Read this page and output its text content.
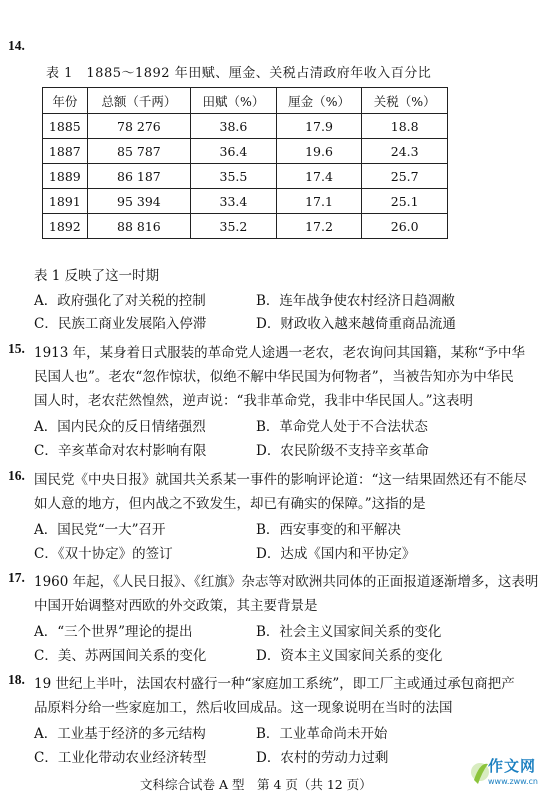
14.
表 1　1885～1892 年田赋、厘金、关税占清政府年收入百分比
年份	总额（千两）	田赋（%）	厘金（%）	关税（%）
1885	78 276	38.6	17.9	18.8
1887	85 787	36.4	19.6	24.3
1889	86 187	35.5	17.4	25.7
1891	95 394	33.4	17.1	25.1
1892	88 816	35.2	17.2	26.0
表 1 反映了这一时期
A．政府强化了对关税的控制	B．连年战争使农村经济日趋凋敝
C．民族工商业发展陷入停滞	D．财政收入越来越倚重商品流通
15. 1913 年，某身着日式服装的革命党人途遇一老农，老农询问其国籍，某称“予中华
民国人也”。老农“忽作惊状，似绝不解中华民国为何物者”，当被告知亦为中华民
国人时，老农茫然惶然，逆声说：“我非革命党，我非中华民国人。”这表明
A．国内民众的反日情绪强烈	B．革命党人处于不合法状态
C．辛亥革命对农村影响有限	D．农民阶级不支持辛亥革命
16. 国民党《中央日报》就国共关系某一事件的影响评论道：“这一结果固然还有不能尽
如人意的地方，但内战之不致发生，却已有确实的保障。”这指的是
A．国民党“一大”召开	B．西安事变的和平解决
C．《双十协定》的签订	D．达成《国内和平协定》
17. 1960 年起，《人民日报》、《红旗》杂志等对欧洲共同体的正面报道逐渐增多，这表明
中国开始调整对西欧的外交政策，其主要背景是
A．“三个世界”理论的提出	B．社会主义国家间关系的变化
C．美、苏两国间关系的变化	D．资本主义国家间关系的变化
18. 19 世纪上半叶，法国农村盛行一种“家庭加工系统”，即工厂主或通过承包商把产
品原料分给一些家庭加工，然后收回成品。这一现象说明在当时的法国
A．工业基于经济的多元结构	B．工业革命尚未开始
C．工业化带动农业经济转型	D．农村的劳动力过剩
文科综合试卷 A 型　第 4 页（共 12 页）
作文网
www.zww.cn
